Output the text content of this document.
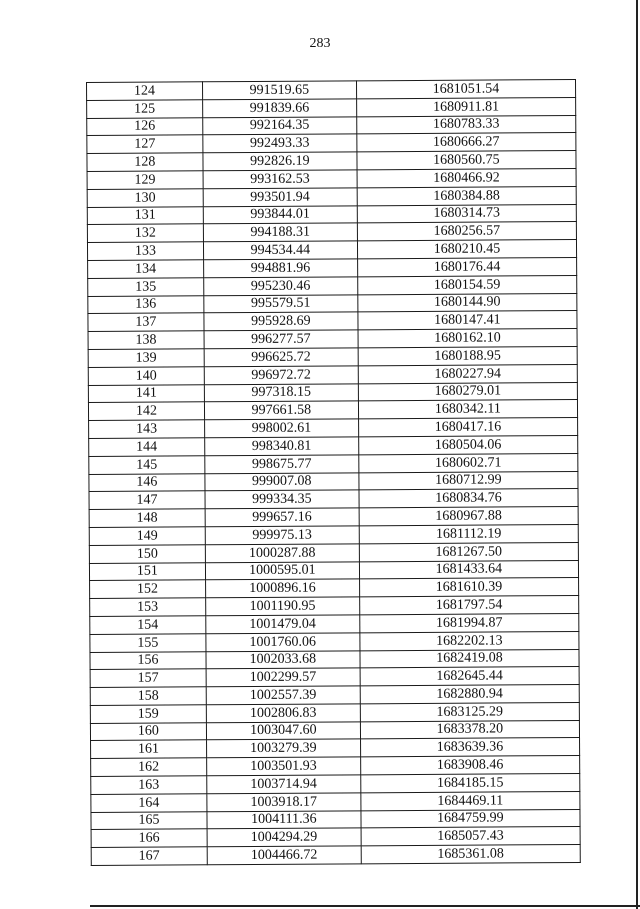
283
124	991519.65	1681051.54
125	991839.66	1680911.81
126	992164.35	1680783.33
127	992493.33	1680666.27
128	992826.19	1680560.75
129	993162.53	1680466.92
130	993501.94	1680384.88
131	993844.01	1680314.73
132	994188.31	1680256.57
133	994534.44	1680210.45
134	994881.96	1680176.44
135	995230.46	1680154.59
136	995579.51	1680144.90
137	995928.69	1680147.41
138	996277.57	1680162.10
139	996625.72	1680188.95
140	996972.72	1680227.94
141	997318.15	1680279.01
142	997661.58	1680342.11
143	998002.61	1680417.16
144	998340.81	1680504.06
145	998675.77	1680602.71
146	999007.08	1680712.99
147	999334.35	1680834.76
148	999657.16	1680967.88
149	999975.13	1681112.19
150	1000287.88	1681267.50
151	1000595.01	1681433.64
152	1000896.16	1681610.39
153	1001190.95	1681797.54
154	1001479.04	1681994.87
155	1001760.06	1682202.13
156	1002033.68	1682419.08
157	1002299.57	1682645.44
158	1002557.39	1682880.94
159	1002806.83	1683125.29
160	1003047.60	1683378.20
161	1003279.39	1683639.36
162	1003501.93	1683908.46
163	1003714.94	1684185.15
164	1003918.17	1684469.11
165	1004111.36	1684759.99
166	1004294.29	1685057.43
167	1004466.72	1685361.08
